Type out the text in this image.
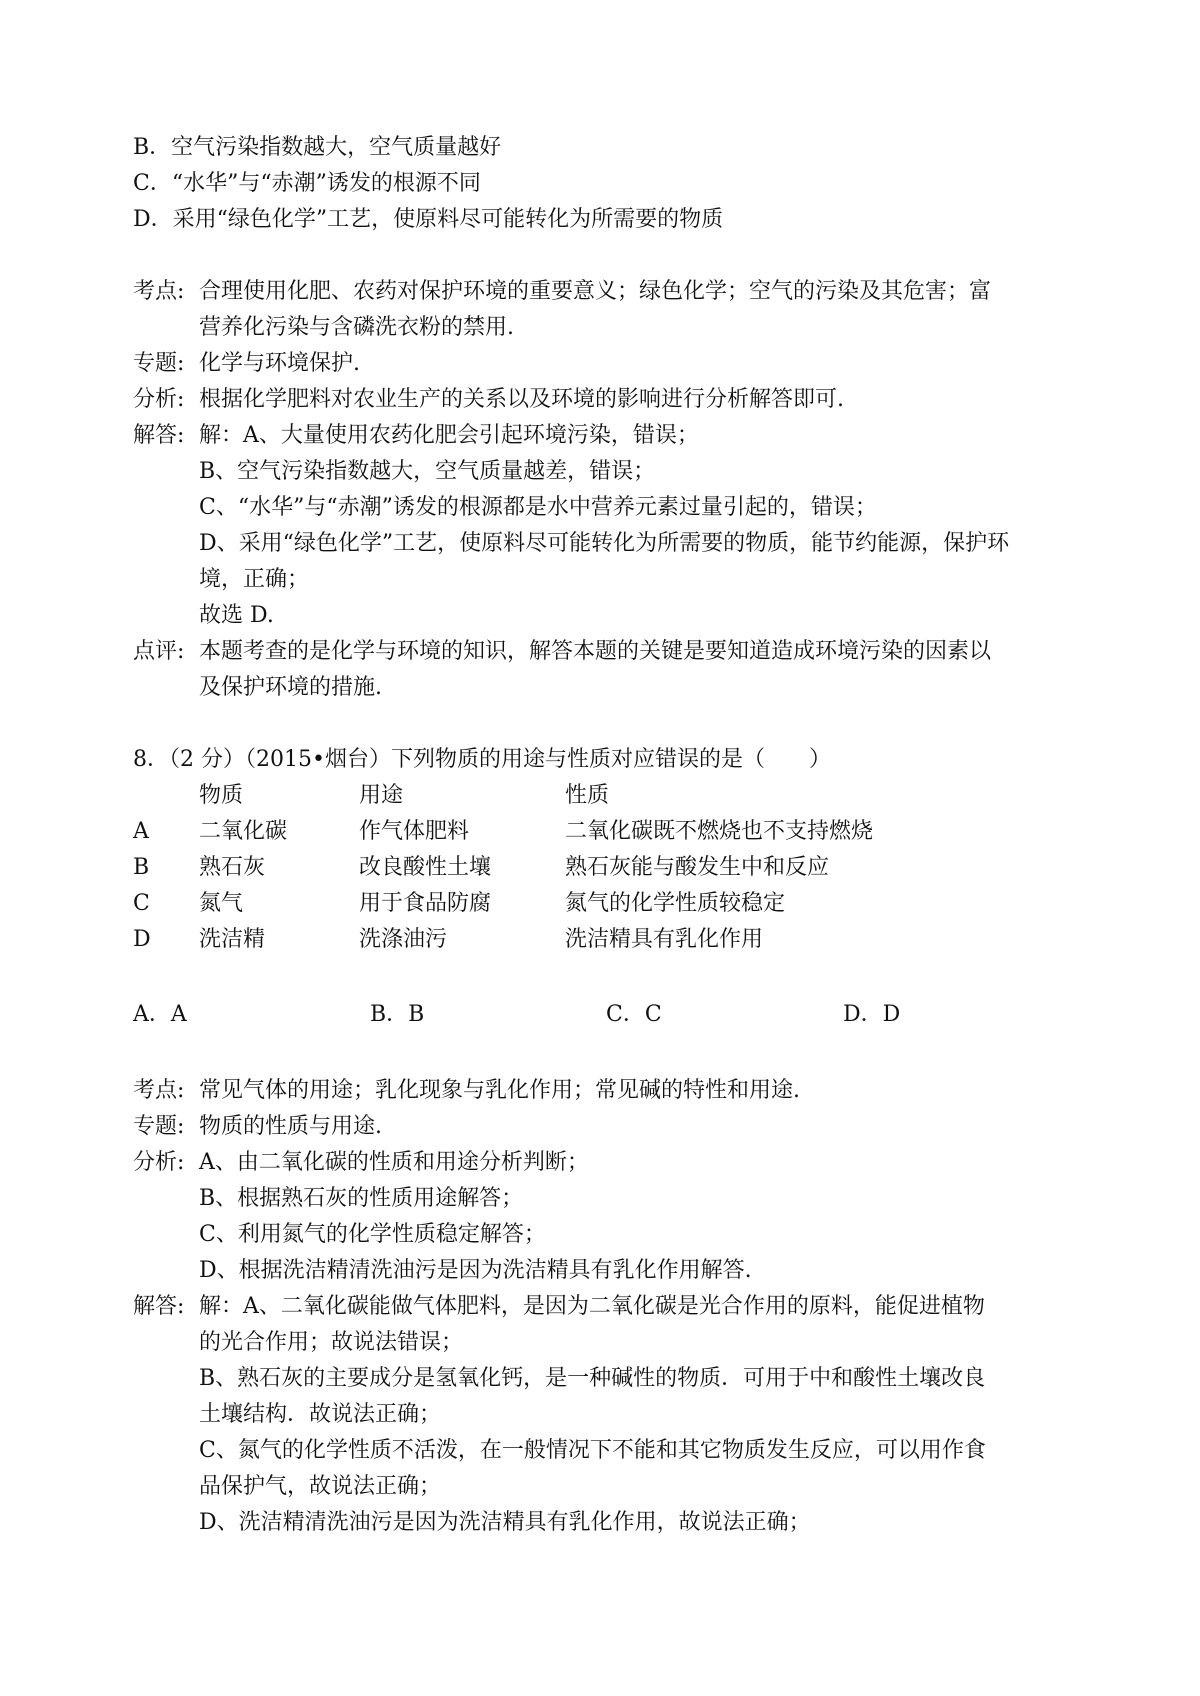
B．空气污染指数越大，空气质量越好
C．“水华”与“赤潮”诱发的根源不同
D．采用“绿色化学”工艺，使原料尽可能转化为所需要的物质
考点: 合理使用化肥、农药对保护环境的重要意义；绿色化学；空气的污染及其危害；富
营养化污染与含磷洗衣粉的禁用.
专题: 化学与环境保护.
分析: 根据化学肥料对农业生产的关系以及环境的影响进行分析解答即可.
解答: 解：A、大量使用农药化肥会引起环境污染，错误；
B、空气污染指数越大，空气质量越差，错误；
C、“水华”与“赤潮”诱发的根源都是水中营养元素过量引起的，错误；
D、采用“绿色化学”工艺，使原料尽可能转化为所需要的物质，能节约能源，保护环
境，正确；
故选 D.
点评: 本题考查的是化学与环境的知识，解答本题的关键是要知道造成环境污染的因素以
及保护环境的措施.
8．（2 分）（2015•烟台）下列物质的用途与性质对应错误的是（　　）
物质	用途	性质
A 二氧化碳	作气体肥料	二氧化碳既不燃烧也不支持燃烧
B 熟石灰	改良酸性土壤	熟石灰能与酸发生中和反应
C 氮气	用于食品防腐	氮气的化学性质较稳定
D 洗洁精	洗涤油污	洗洁精具有乳化作用
A．A	B．B	C．C	D．D
考点: 常见气体的用途；乳化现象与乳化作用；常见碱的特性和用途.
专题: 物质的性质与用途.
分析: A、由二氧化碳的性质和用途分析判断；
B、根据熟石灰的性质用途解答；
C、利用氮气的化学性质稳定解答；
D、根据洗洁精清洗油污是因为洗洁精具有乳化作用解答.
解答: 解：A、二氧化碳能做气体肥料，是因为二氧化碳是光合作用的原料，能促进植物
的光合作用；故说法错误；
B、熟石灰的主要成分是氢氧化钙，是一种碱性的物质．可用于中和酸性土壤改良
土壤结构．故说法正确；
C、氮气的化学性质不活泼，在一般情况下不能和其它物质发生反应，可以用作食
品保护气，故说法正确；
D、洗洁精清洗油污是因为洗洁精具有乳化作用，故说法正确；
